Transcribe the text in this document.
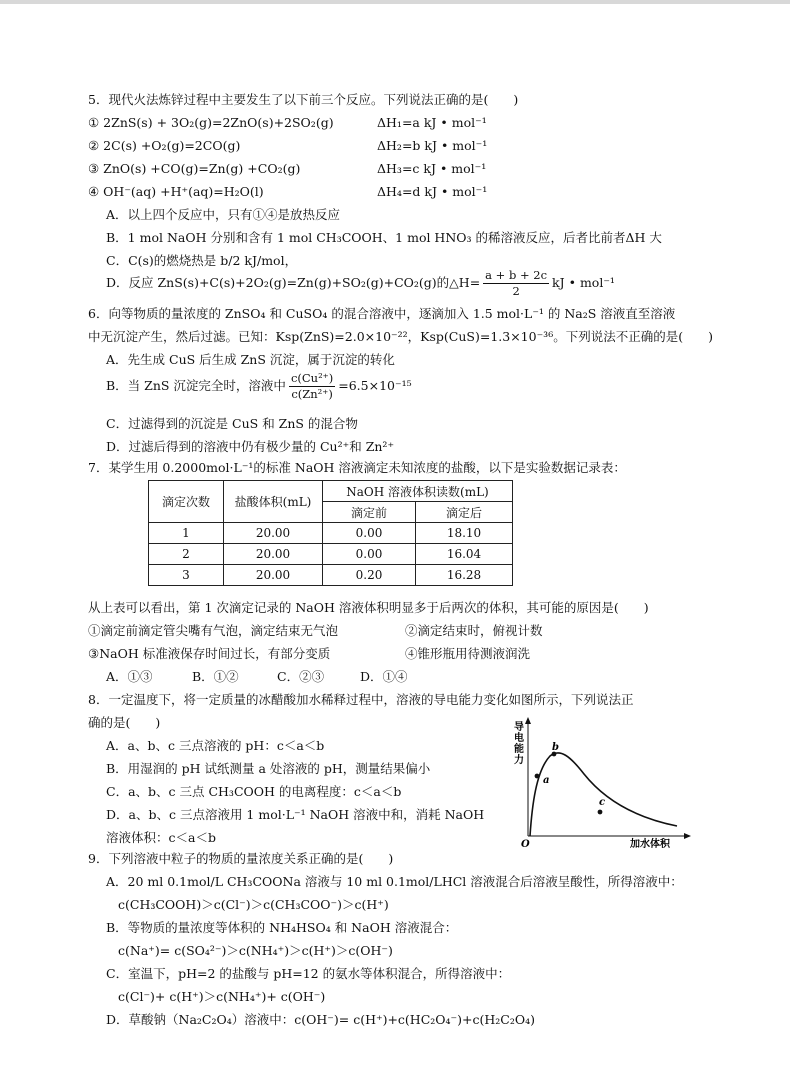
5．现代火法炼锌过程中主要发生了以下前三个反应。下列说法正确的是(　　)
① 2ZnS(s) + 3O₂(g)=2ZnO(s)+2SO₂(g)	ΔH₁=a kJ • mol⁻¹
② 2C(s) +O₂(g)=2CO(g)	ΔH₂=b kJ • mol⁻¹
③ ZnO(s) +CO(g)=Zn(g) +CO₂(g)	ΔH₃=c kJ • mol⁻¹
④ OH⁻(aq) +H⁺(aq)=H₂O(l)	ΔH₄=d kJ • mol⁻¹
A．以上四个反应中，只有①④是放热反应
B．1 mol NaOH 分别和含有 1 mol CH₃COOH、1 mol HNO₃ 的稀溶液反应，后者比前者ΔH 大
C．C(s)的燃烧热是 b/2 kJ/mol，
D．反应 ZnS(s)+C(s)+2O₂(g)=Zn(g)+SO₂(g)+CO₂(g)的△H= $\frac{a + b + 2c}{2}$ kJ • mol⁻¹
6．向等物质的量浓度的 ZnSO₄ 和 CuSO₄ 的混合溶液中，逐滴加入 1.5 mol·L⁻¹ 的 Na₂S 溶液直至溶液
中无沉淀产生，然后过滤。已知：Ksp(ZnS)=2.0×10⁻²²，Ksp(CuS)=1.3×10⁻³⁶。下列说法不正确的是(　　)
A．先生成 CuS 后生成 ZnS 沉淀，属于沉淀的转化
B．当 ZnS 沉淀完全时，溶液中 $\frac{\text{c(Cu²⁺)}}{\text{c(Zn²⁺)}} =6.5\times 10^{-15}$
C．过滤得到的沉淀是 CuS 和 ZnS 的混合物
D．过滤后得到的溶液中仍有极少量的 Cu²⁺和 Zn²⁺
7．某学生用 0.2000mol·L⁻¹的标准 NaOH 溶液滴定未知浓度的盐酸，以下是实验数据记录表：
滴定次数	盐酸体积(mL)	NaOH 溶液体积读数(mL)	
		滴定前	滴定后
1	20.00	0.00	18.10
2	20.00	0.00	16.04
3	20.00	0.20	16.28
从上表可以看出，第 1 次滴定记录的 NaOH 溶液体积明显多于后两次的体积，其可能的原因是(　　)
①滴定前滴定管尖嘴有气泡，滴定结束无气泡	②滴定结束时，俯视计数
③NaOH 标准液保存时间过长，有部分变质	④锥形瓶用待测液润洗
A．①③	B．①②	C．②③	D．①④
8．一定温度下，将一定质量的冰醋酸加水稀释过程中，溶液的导电能力变化如图所示，下列说法正
确的是(　　)
A．a、b、c 三点溶液的 pH：c＜a＜b
B．用湿润的 pH 试纸测量 a 处溶液的 pH，测量结果偏小
C．a、b、c 三点 CH₃COOH 的电离程度：c＜a＜b
D．a、b、c 三点溶液用 1 mol·L⁻¹ NaOH 溶液中和，消耗 NaOH
溶液体积：c＜a＜b
导
电
能
力
O	加水体积
a
b
c
9．下列溶液中粒子的物质的量浓度关系正确的是(　　)
A．20 ml 0.1mol/L CH₃COONa 溶液与 10 ml 0.1mol/LHCl 溶液混合后溶液呈酸性，所得溶液中：
c(CH₃COOH)＞c(Cl⁻)＞c(CH₃COO⁻)＞c(H⁺)
B．等物质的量浓度等体积的 NH₄HSO₄ 和 NaOH 溶液混合：
c(Na⁺)= c(SO₄²⁻)＞c(NH₄⁺)＞c(H⁺)＞c(OH⁻)
C．室温下，pH=2 的盐酸与 pH=12 的氨水等体积混合，所得溶液中：
c(Cl⁻)+ c(H⁺)＞c(NH₄⁺)+ c(OH⁻)
D．草酸钠（Na₂C₂O₄）溶液中：c(OH⁻)= c(H⁺)+c(HC₂O₄⁻)+c(H₂C₂O₄)
